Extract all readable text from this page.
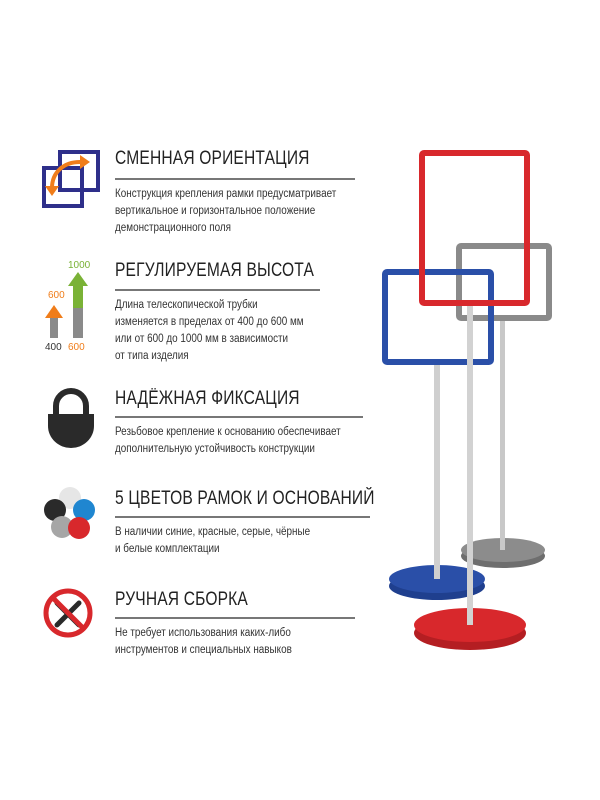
СМЕННАЯ ОРИЕНТАЦИЯ
Конструкция крепления рамки предусматривает
вертикальное и горизонтальное положение
демонстрационного поля
1000
600
400 600
РЕГУЛИРУЕМАЯ ВЫСОТА
Длина телескопической трубки
изменяется в пределах от 400 до 600 мм
или от 600 до 1000 мм в зависимости
от типа изделия
НАДЁЖНАЯ ФИКСАЦИЯ
Резьбовое крепление к основанию обеспечивает
дополнительную устойчивость конструкции
5 ЦВЕТОВ РАМОК И ОСНОВАНИЙ
В наличии синие, красные, серые, чёрные
и белые комплектации
РУЧНАЯ СБОРКА
Не требует использования каких-либо
инструментов и специальных навыков
